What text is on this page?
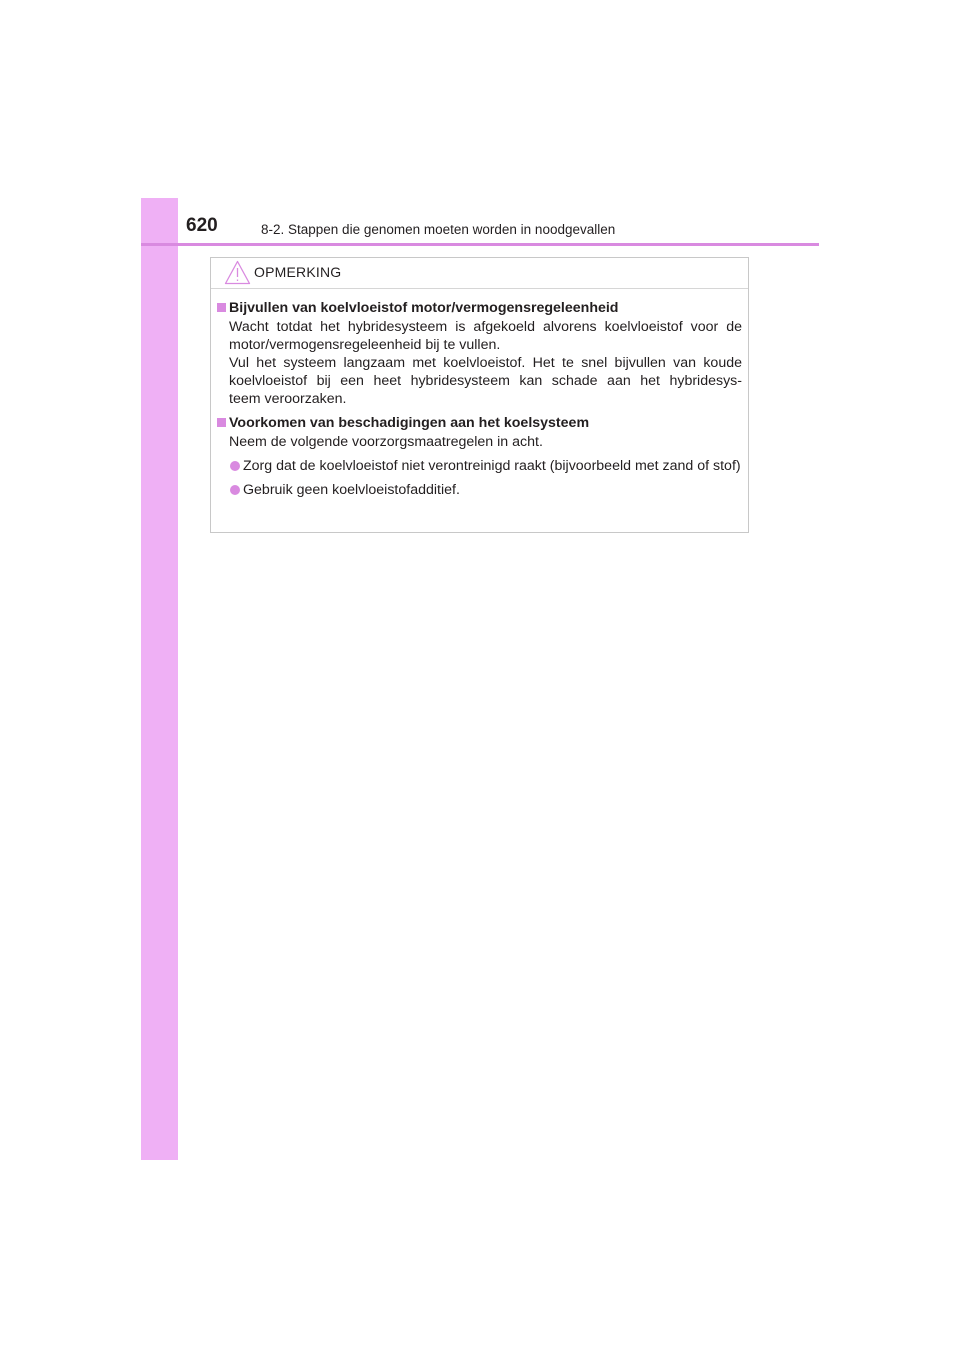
620	8-2. Stappen die genomen moeten worden in noodgevallen
OPMERKING
Bijvullen van koelvloeistof motor/vermogensregeleenheid
Wacht totdat het hybridesysteem is afgekoeld alvorens koelvloeistof voor de
motor/vermogensregeleenheid bij te vullen.
Vul het systeem langzaam met koelvloeistof. Het te snel bijvullen van koude
koelvloeistof bij een heet hybridesysteem kan schade aan het hybridesys-
teem veroorzaken.
Voorkomen van beschadigingen aan het koelsysteem
Neem de volgende voorzorgsmaatregelen in acht.
Zorg dat de koelvloeistof niet verontreinigd raakt (bijvoorbeeld met zand of stof)
Gebruik geen koelvloeistofadditief.
